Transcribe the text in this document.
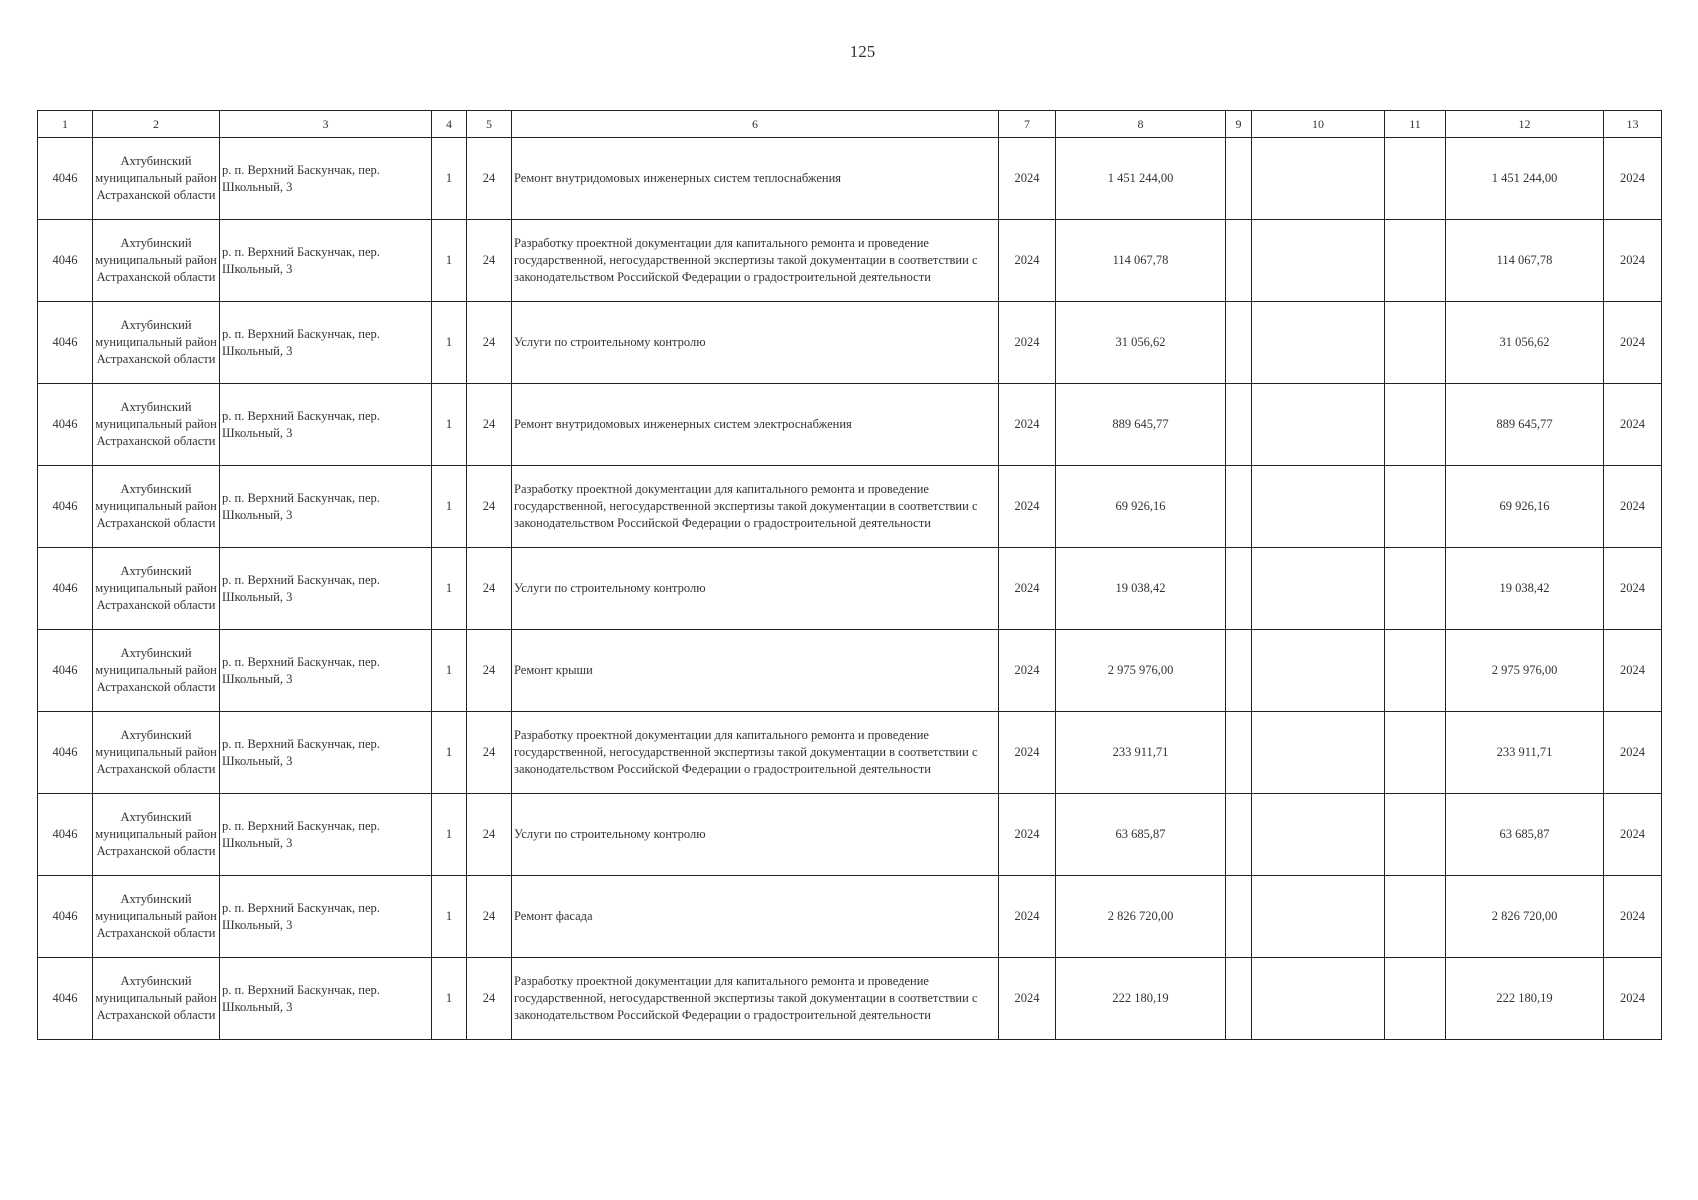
125
1	2	3	4	5	6	7	8	9	10	11	12	13
4046	Ахтубинский муниципальный район Астраханской области	р. п. Верхний Баскунчак, пер. Школьный, 3	1	24	Ремонт внутридомовых инженерных систем теплоснабжения	2024	1 451 244,00				1 451 244,00	2024
4046	Ахтубинский муниципальный район Астраханской области	р. п. Верхний Баскунчак, пер. Школьный, 3	1	24	Разработку проектной документации для капитального ремонта и проведение государственной, негосударственной экспертизы такой документации в соответствии с законодательством Российской Федерации о градостроительной деятельности	2024	114 067,78				114 067,78	2024
4046	Ахтубинский муниципальный район Астраханской области	р. п. Верхний Баскунчак, пер. Школьный, 3	1	24	Услуги по строительному контролю	2024	31 056,62				31 056,62	2024
4046	Ахтубинский муниципальный район Астраханской области	р. п. Верхний Баскунчак, пер. Школьный, 3	1	24	Ремонт внутридомовых инженерных систем электроснабжения	2024	889 645,77				889 645,77	2024
4046	Ахтубинский муниципальный район Астраханской области	р. п. Верхний Баскунчак, пер. Школьный, 3	1	24	Разработку проектной документации для капитального ремонта и проведение государственной, негосударственной экспертизы такой документации в соответствии с законодательством Российской Федерации о градостроительной деятельности	2024	69 926,16				69 926,16	2024
4046	Ахтубинский муниципальный район Астраханской области	р. п. Верхний Баскунчак, пер. Школьный, 3	1	24	Услуги по строительному контролю	2024	19 038,42				19 038,42	2024
4046	Ахтубинский муниципальный район Астраханской области	р. п. Верхний Баскунчак, пер. Школьный, 3	1	24	Ремонт крыши	2024	2 975 976,00				2 975 976,00	2024
4046	Ахтубинский муниципальный район Астраханской области	р. п. Верхний Баскунчак, пер. Школьный, 3	1	24	Разработку проектной документации для капитального ремонта и проведение государственной, негосударственной экспертизы такой документации в соответствии с законодательством Российской Федерации о градостроительной деятельности	2024	233 911,71				233 911,71	2024
4046	Ахтубинский муниципальный район Астраханской области	р. п. Верхний Баскунчак, пер. Школьный, 3	1	24	Услуги по строительному контролю	2024	63 685,87				63 685,87	2024
4046	Ахтубинский муниципальный район Астраханской области	р. п. Верхний Баскунчак, пер. Школьный, 3	1	24	Ремонт фасада	2024	2 826 720,00				2 826 720,00	2024
4046	Ахтубинский муниципальный район Астраханской области	р. п. Верхний Баскунчак, пер. Школьный, 3	1	24	Разработку проектной документации для капитального ремонта и проведение государственной, негосударственной экспертизы такой документации в соответствии с законодательством Российской Федерации о градостроительной деятельности	2024	222 180,19				222 180,19	2024
